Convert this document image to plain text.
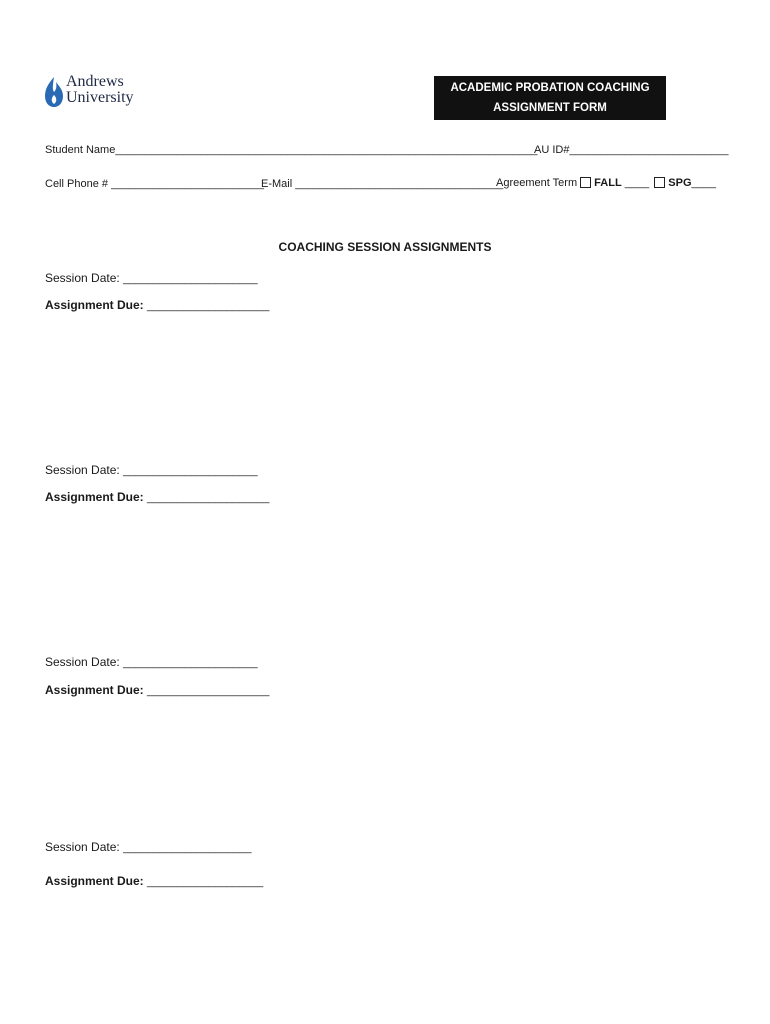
Andrews
University
ACADEMIC PROBATION COACHING
ASSIGNMENT FORM
Student Name_____________________________________________________________________
AU ID#__________________________
Cell Phone # _________________________
E-Mail __________________________________
Agreement Term FALL ____ SPG____
COACHING SESSION ASSIGNMENTS
Session Date: ______________________
Assignment Due: ____________________
Session Date: ______________________
Assignment Due: ____________________
Session Date: ______________________
Assignment Due: ____________________
Session Date: _____________________
Assignment Due: ___________________
